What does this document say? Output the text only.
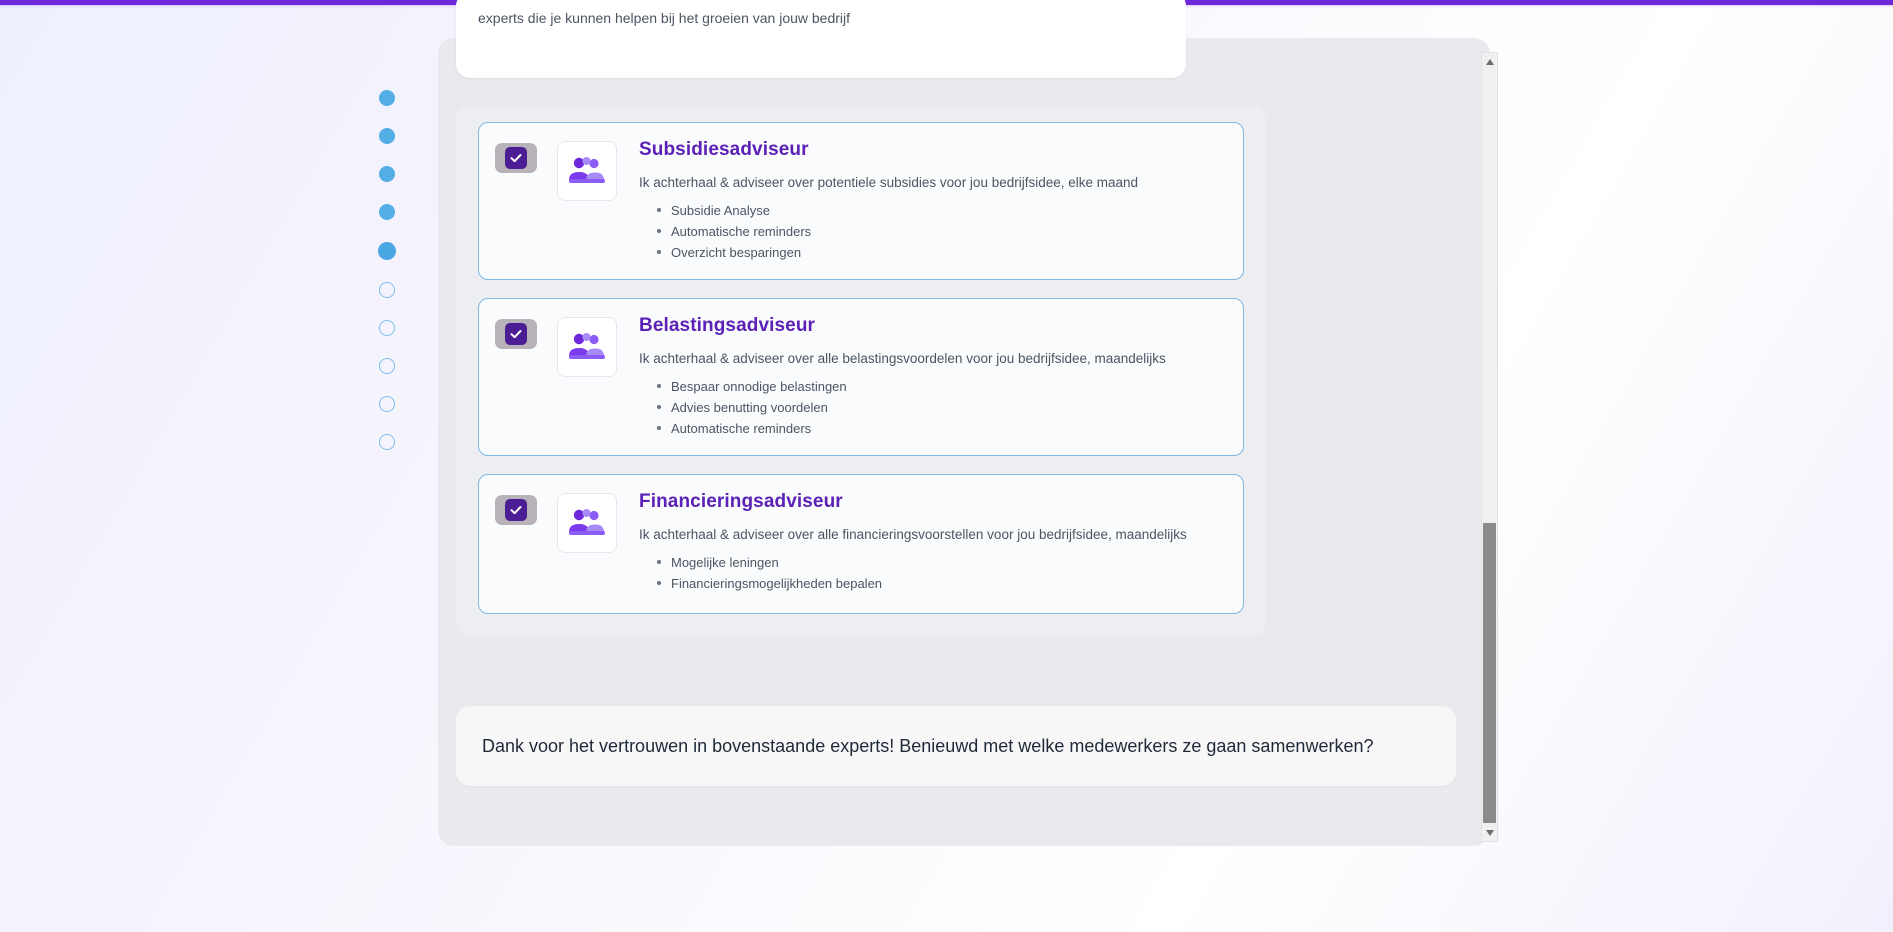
experts die je kunnen helpen bij het groeien van jouw bedrijf
Subsidiesadviseur

Ik achterhaal & adviseer over potentiele subsidies voor jou bedrijfsidee, elke maand

Subsidie Analyse
Automatische reminders
Overzicht besparingen
Belastingsadviseur

Ik achterhaal & adviseer over alle belastingsvoordelen voor jou bedrijfsidee, maandelijks

Bespaar onnodige belastingen
Advies benutting voordelen
Automatische reminders
Financieringsadviseur

Ik achterhaal & adviseer over alle financieringsvoorstellen voor jou bedrijfsidee, maandelijks

Mogelijke leningen
Financieringsmogelijkheden bepalen

Dank voor het vertrouwen in bovenstaande experts! Benieuwd met welke medewerkers ze gaan samenwerken?
